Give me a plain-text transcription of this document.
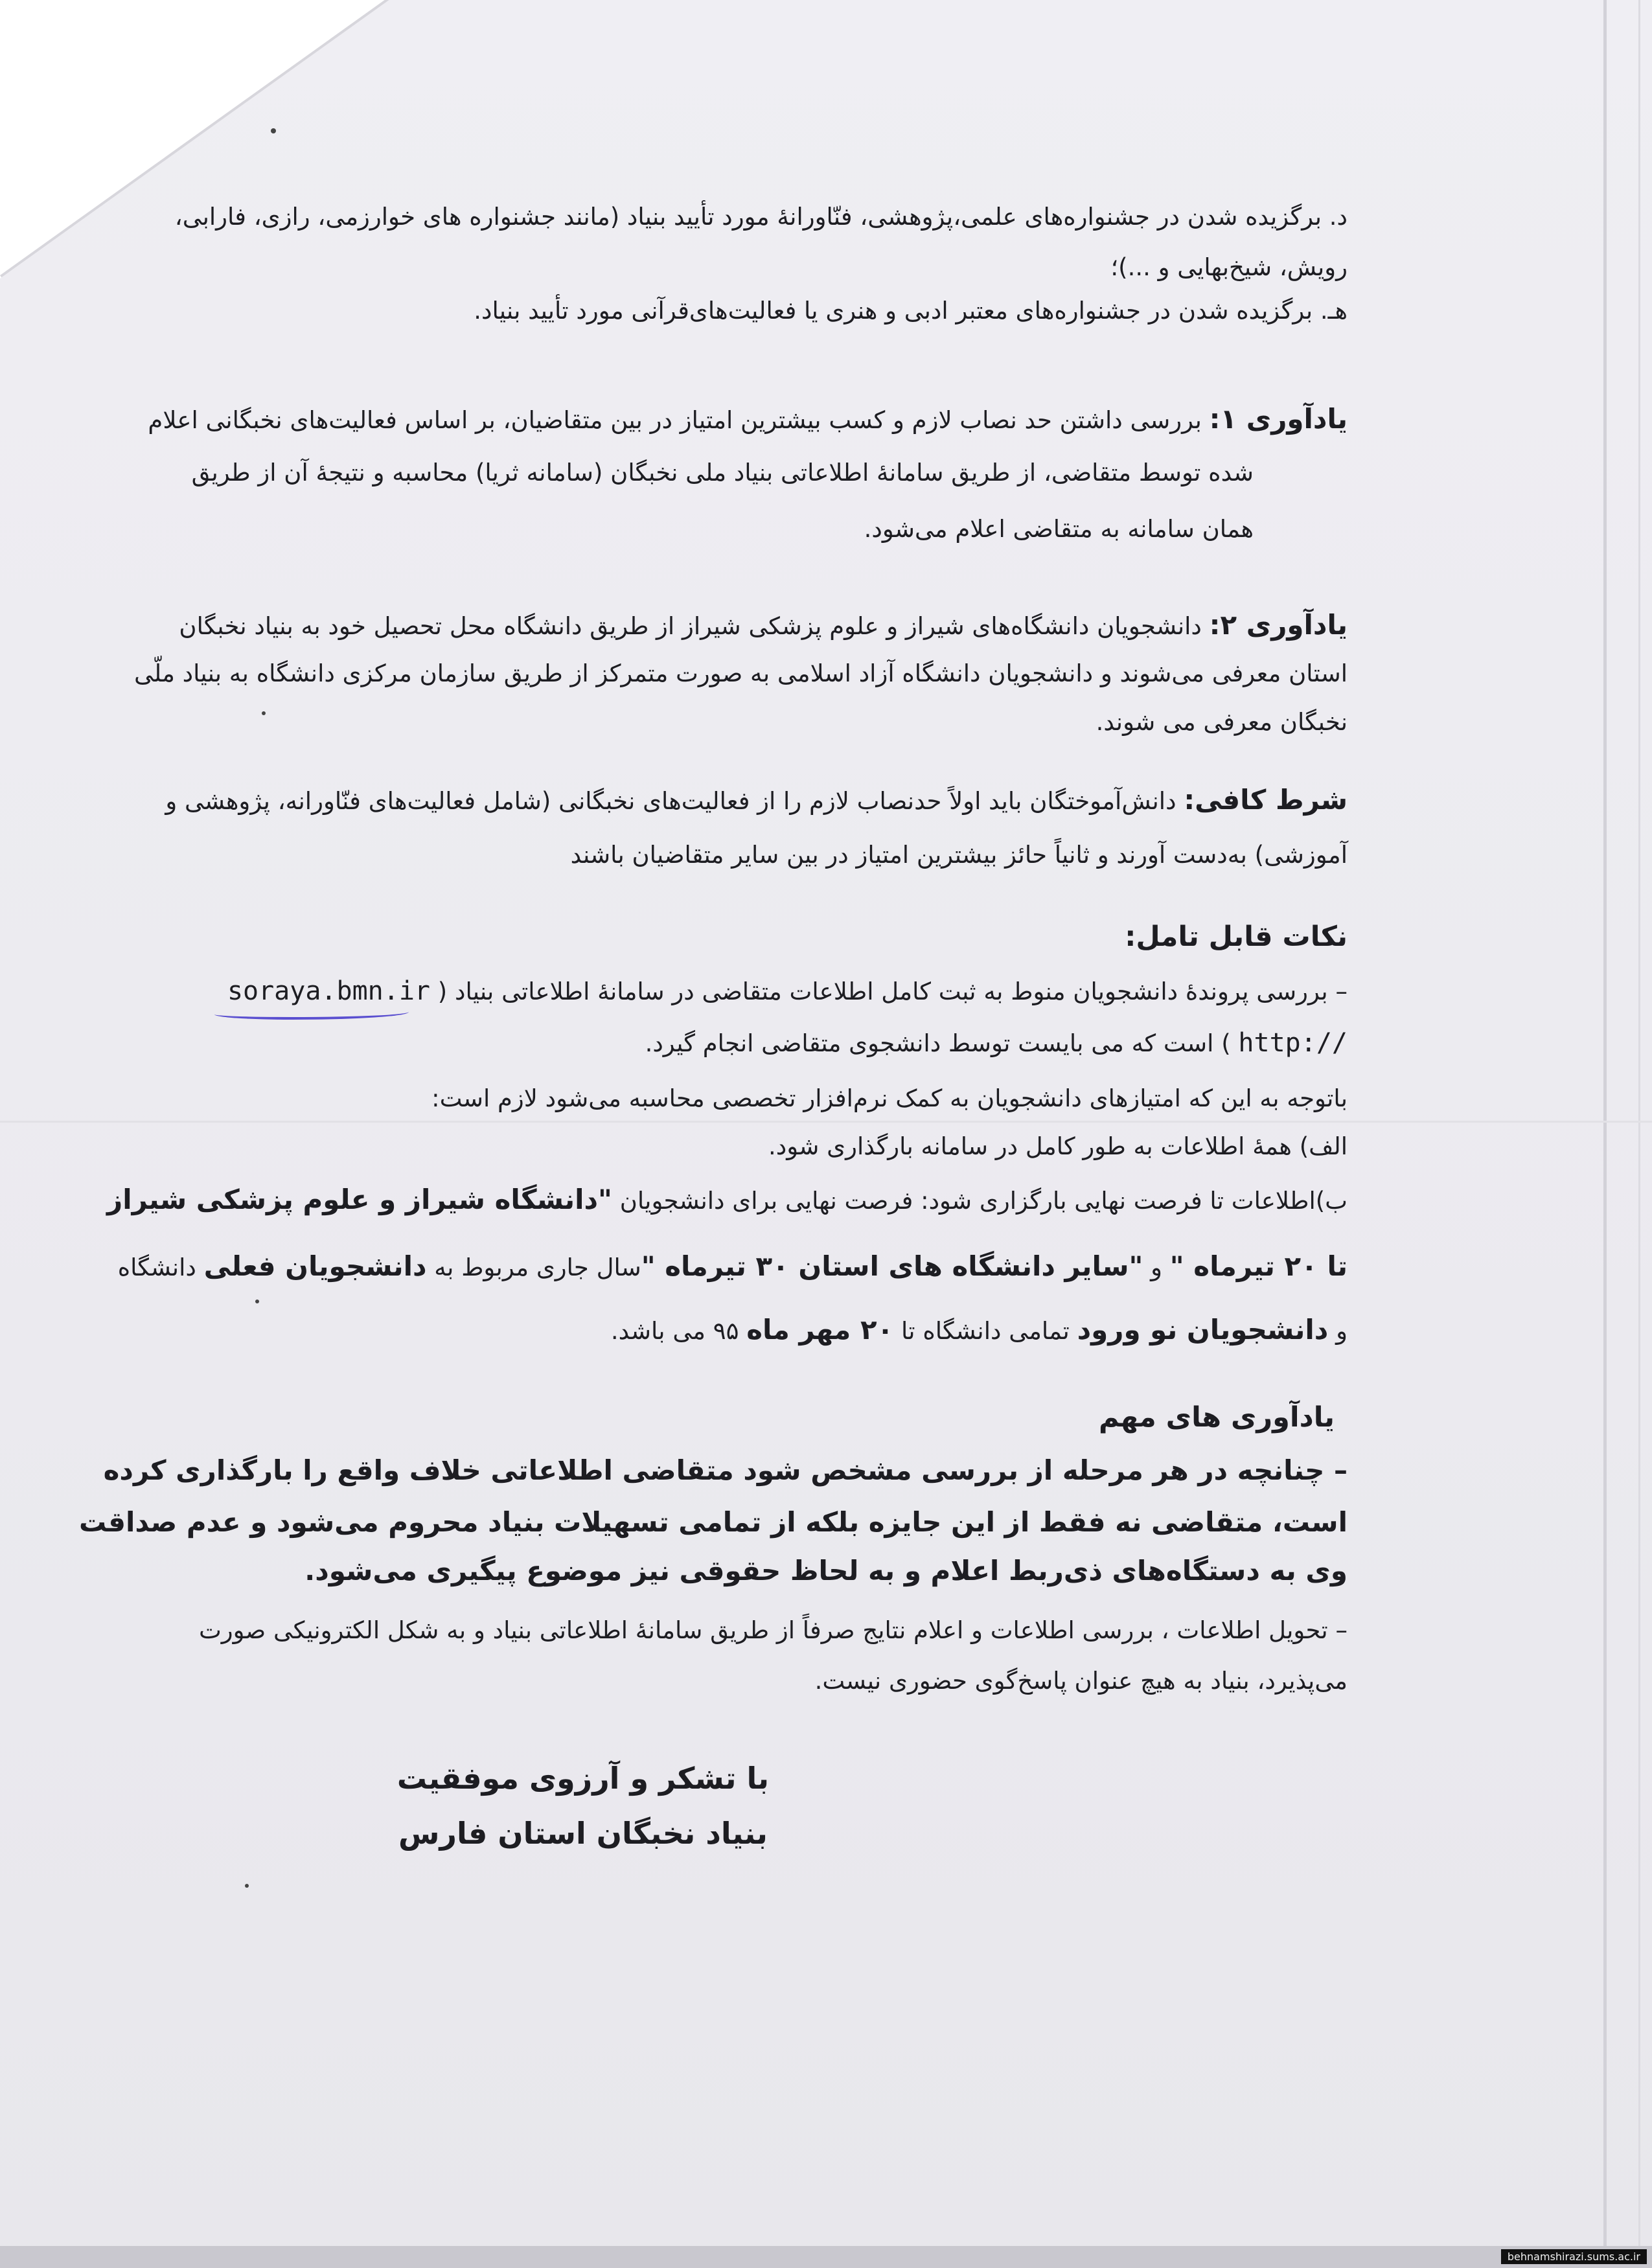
د. برگزیده شدن در جشنواره‌های علمی،پژوهشی، فنّاورانهٔ مورد تأیید بنیاد (مانند جشنواره های خوارزمی، رازی، فارابی،
رویش، شیخ‌بهایی و ...)؛
هـ. برگزیده شدن در جشنواره‌های معتبر ادبی و هنری یا فعالیت‌های‌قرآنی مورد تأیید بنیاد.
یادآوری ۱: بررسی داشتن حد نصاب لازم و کسب بیشترین امتیاز در بین متقاضیان، بر اساس فعالیت‌های نخبگانی اعلام
شده توسط متقاضی، از طریق سامانهٔ اطلاعاتی بنیاد ملی نخبگان (سامانه ثریا) محاسبه و نتیجهٔ آن از طریق
همان سامانه به متقاضی اعلام می‌شود.
یادآوری ۲: دانشجویان دانشگاه‌های شیراز و علوم پزشکی شیراز از طریق دانشگاه محل تحصیل خود به بنیاد نخبگان
استان معرفی می‌شوند و دانشجویان دانشگاه آزاد اسلامی به صورت متمرکز از طریق سازمان مرکزی دانشگاه به بنیاد ملّی
نخبگان معرفی می شوند.
شرط کافی: دانش‌آموختگان باید اولاً حدنصاب لازم را از فعالیت‌های نخبگانی (شامل فعالیت‌های فنّاورانه، پژوهشی و
آموزشی) به‌دست آورند و ثانیاً حائز بیشترین امتیاز در بین سایر متقاضیان باشند
نکات قابل تامل:
– بررسی پروندهٔ دانشجویان منوط به ثبت کامل اطلاعات متقاضی در سامانهٔ اطلاعاتی بنیاد ( soraya.bmn.ir
http:// ) است که می بایست توسط دانشجوی متقاضی انجام گیرد.
باتوجه به این که امتیازهای دانشجویان به کمک نرم‌افزار تخصصی محاسبه می‌شود لازم است:
الف) همهٔ اطلاعات به طور کامل در سامانه بارگذاری شود.
ب)اطلاعات تا فرصت نهایی بارگزاری شود: فرصت نهایی برای دانشجویان "دانشگاه شیراز و علوم پزشکی شیراز
تا ۲۰ تیرماه " و "سایر دانشگاه های استان ۳۰ تیرماه "سال جاری مربوط به دانشجویان فعلی دانشگاه
و دانشجویان نو ورود تمامی دانشگاه تا ۲۰ مهر ماه ۹۵ می باشد.
یادآوری های مهم
– چنانچه در هر مرحله از بررسی مشخص شود متقاضی اطلاعاتی خلاف واقع را بارگذاری کرده
است، متقاضی نه فقط از این جایزه بلکه از تمامی تسهیلات بنیاد محروم می‌شود و عدم صداقت
وی به دستگاه‌های ذی‌ربط اعلام و به لحاظ حقوقی نیز موضوع پیگیری می‌شود.
– تحویل اطلاعات ، بررسی اطلاعات و اعلام نتایج صرفاً از طریق سامانهٔ اطلاعاتی بنیاد و به شکل الکترونیکی صورت
می‌پذیرد، بنیاد به هیچ عنوان پاسخ‌گوی حضوری نیست.
با تشکر و آرزوی موفقیت
بنیاد نخبگان استان فارس
behnamshirazi.sums.ac.ir
